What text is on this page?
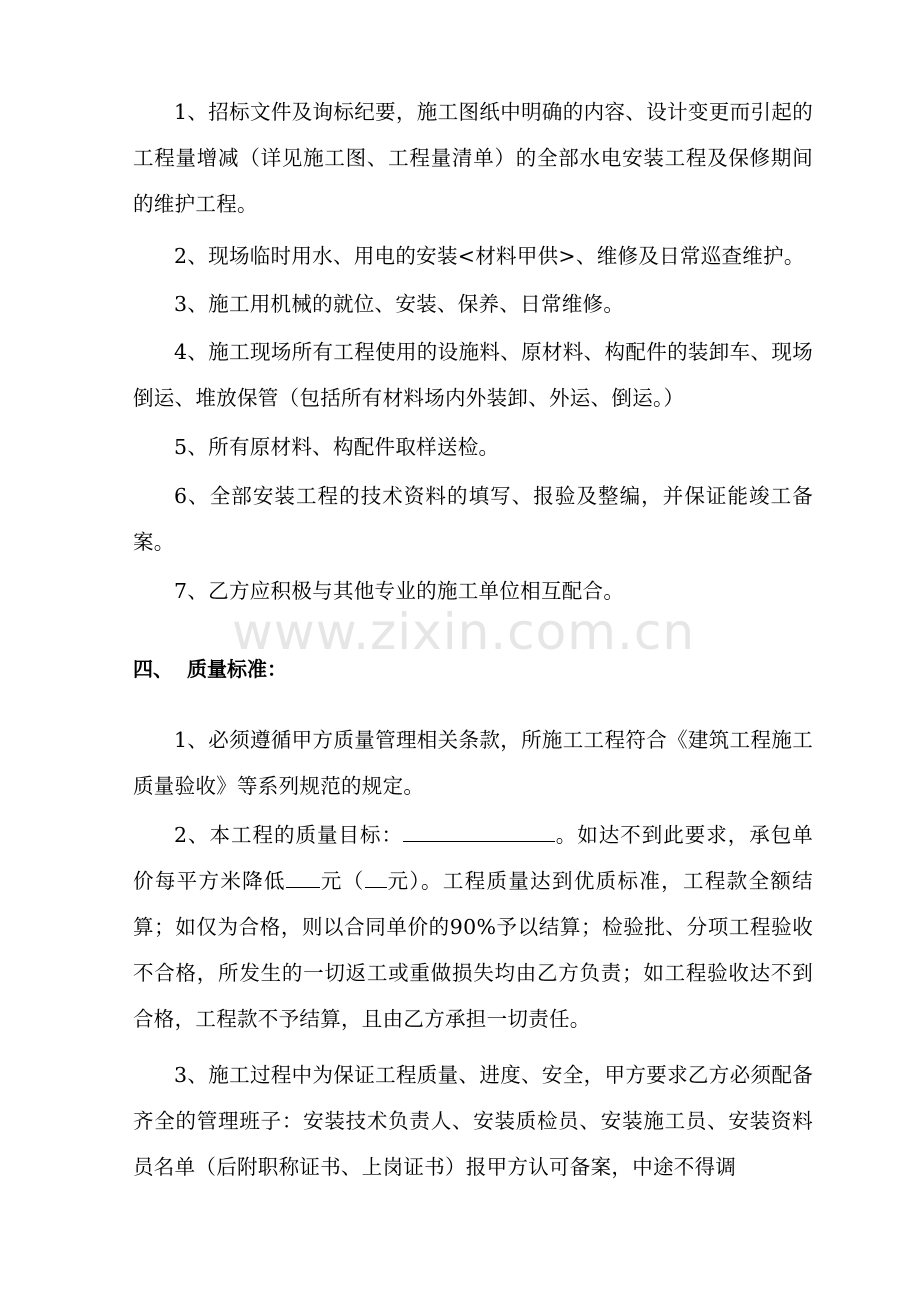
1、招标文件及询标纪要，施工图纸中明确的内容、设计变更而引起的工程量增减（详见施工图、工程量清单）的全部水电安装工程及保修期间的维护工程。

2、现场临时用水、用电的安装<材料甲供>、维修及日常巡查维护。

3、施工用机械的就位、安装、保养、日常维修。

4、施工现场所有工程使用的设施料、原材料、构配件的装卸车、现场倒运、堆放保管（包括所有材料场内外装卸、外运、倒运。）

5、所有原材料、构配件取样送检。

6、全部安装工程的技术资料的填写、报验及整编，并保证能竣工备案。

7、乙方应积极与其他专业的施工单位相互配合。

www.zixin.com.cn
四、 质量标准：

1、必须遵循甲方质量管理相关条款，所施工工程符合《建筑工程施工质量验收》等系列规范的规定。

2、本工程的质量目标：	。如达不到此要求，承包单价每平方米降低 元（ 元）。工程质量达到优质标准，工程款全额结算；如仅为合格，则以合同单价的90%予以结算；检验批、分项工程验收不合格，所发生的一切返工或重做损失均由乙方负责；如工程验收达不到合格，工程款不予结算，且由乙方承担一切责任。

3、施工过程中为保证工程质量、进度、安全，甲方要求乙方必须配备齐全的管理班子：安装技术负责人、安装质检员、安装施工员、安装资料员名单（后附职称证书、上岗证书）报甲方认可备案，中途不得调
